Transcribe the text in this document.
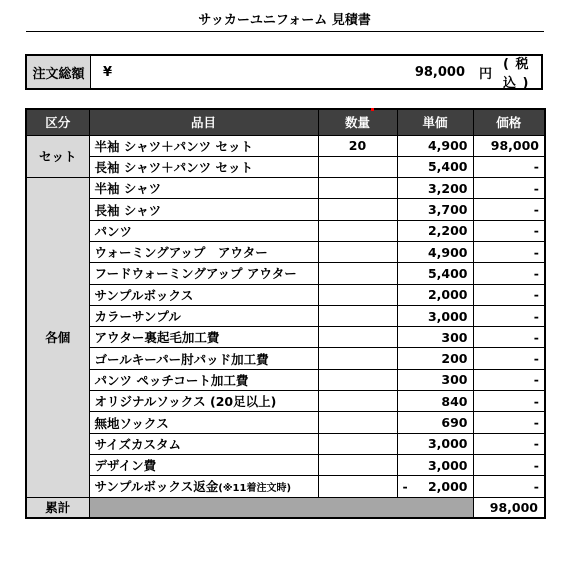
サッカーユニフォーム 見積書
注文総額	¥	98,000 円
( 税込 )
区分	品目	数量	単価	価格
セット	半袖 シャツ＋パンツ セット	20	4,900	98,000
	長袖 シャツ＋パンツ セット		5,400	-
各個	半袖 シャツ		3,200	-
	長袖 シャツ		3,700	-
	パンツ		2,200	-
	ウォーミングアップ　アウター		4,900	-
	フードウォーミングアップ アウター		5,400	-
	サンプルボックス		2,000	-
	カラーサンプル		3,000	-
	アウター裏起毛加工費		300	-
	ゴールキーパー肘パッド加工費		200	-
	パンツ ペッチコート加工費		300	-
	オリジナルソックス (20足以上)		840	-
	無地ソックス		690	-
	サイズカスタム		3,000	-
	デザイン費		3,000	-
	サンプルボックス返金(※11着注文時)		- 2,000	-
累計				98,000
